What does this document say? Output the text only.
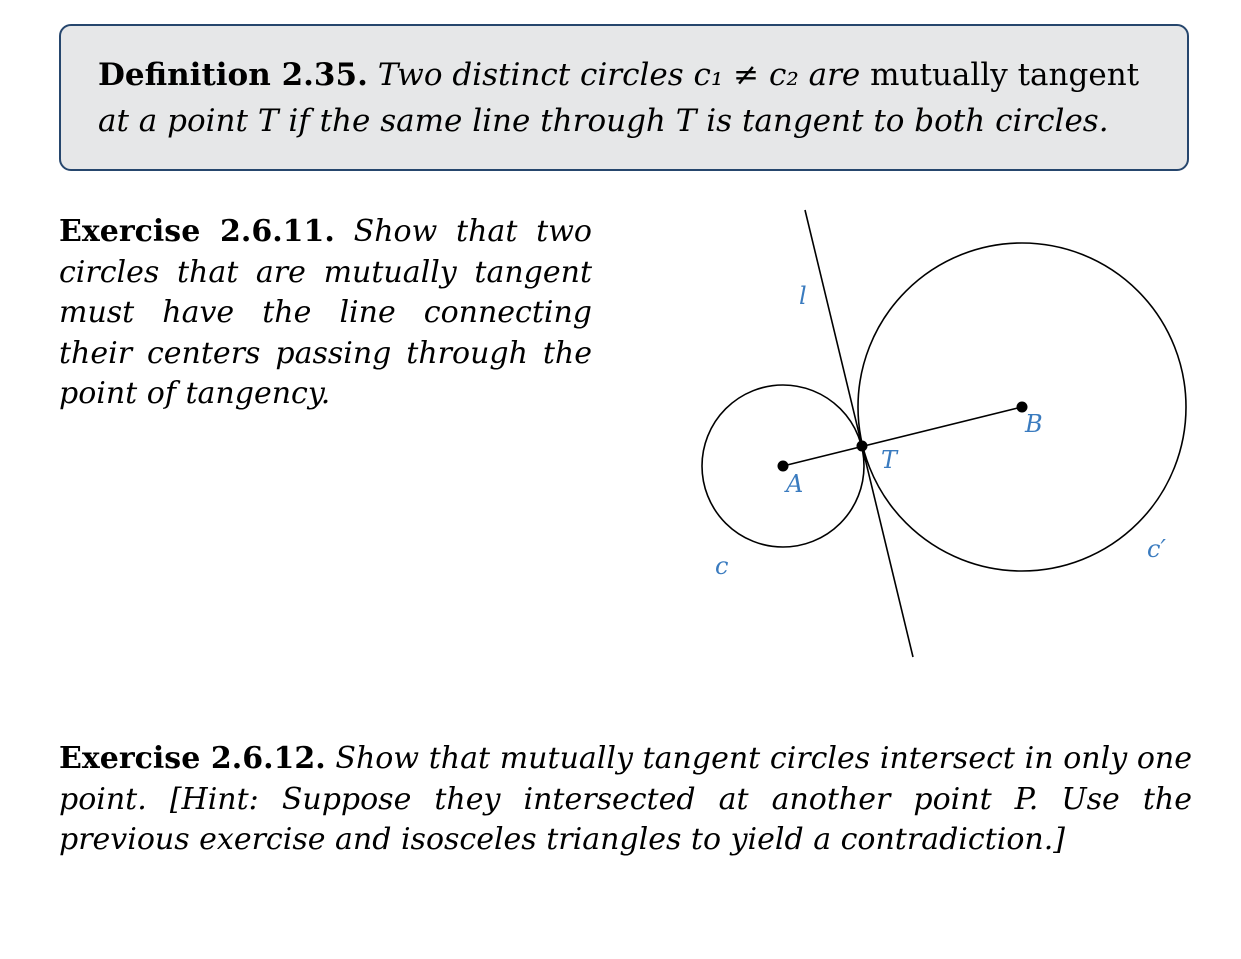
Definition 2.35. Two distinct circles c₁ ≠ c₂ are mutually tangent
at a point T if the same line through T is tangent to both circles.
Exercise 2.6.11. Show that two circles that are mutually tangent must have the line connecting their centers passing through the point of tangency.
l
A
B
T
c
c′
Exercise 2.6.12. Show that mutually tangent circles intersect in only one point. [Hint: Suppose they intersected at another point P. Use the previous exercise and isosceles triangles to yield a contradiction.]
